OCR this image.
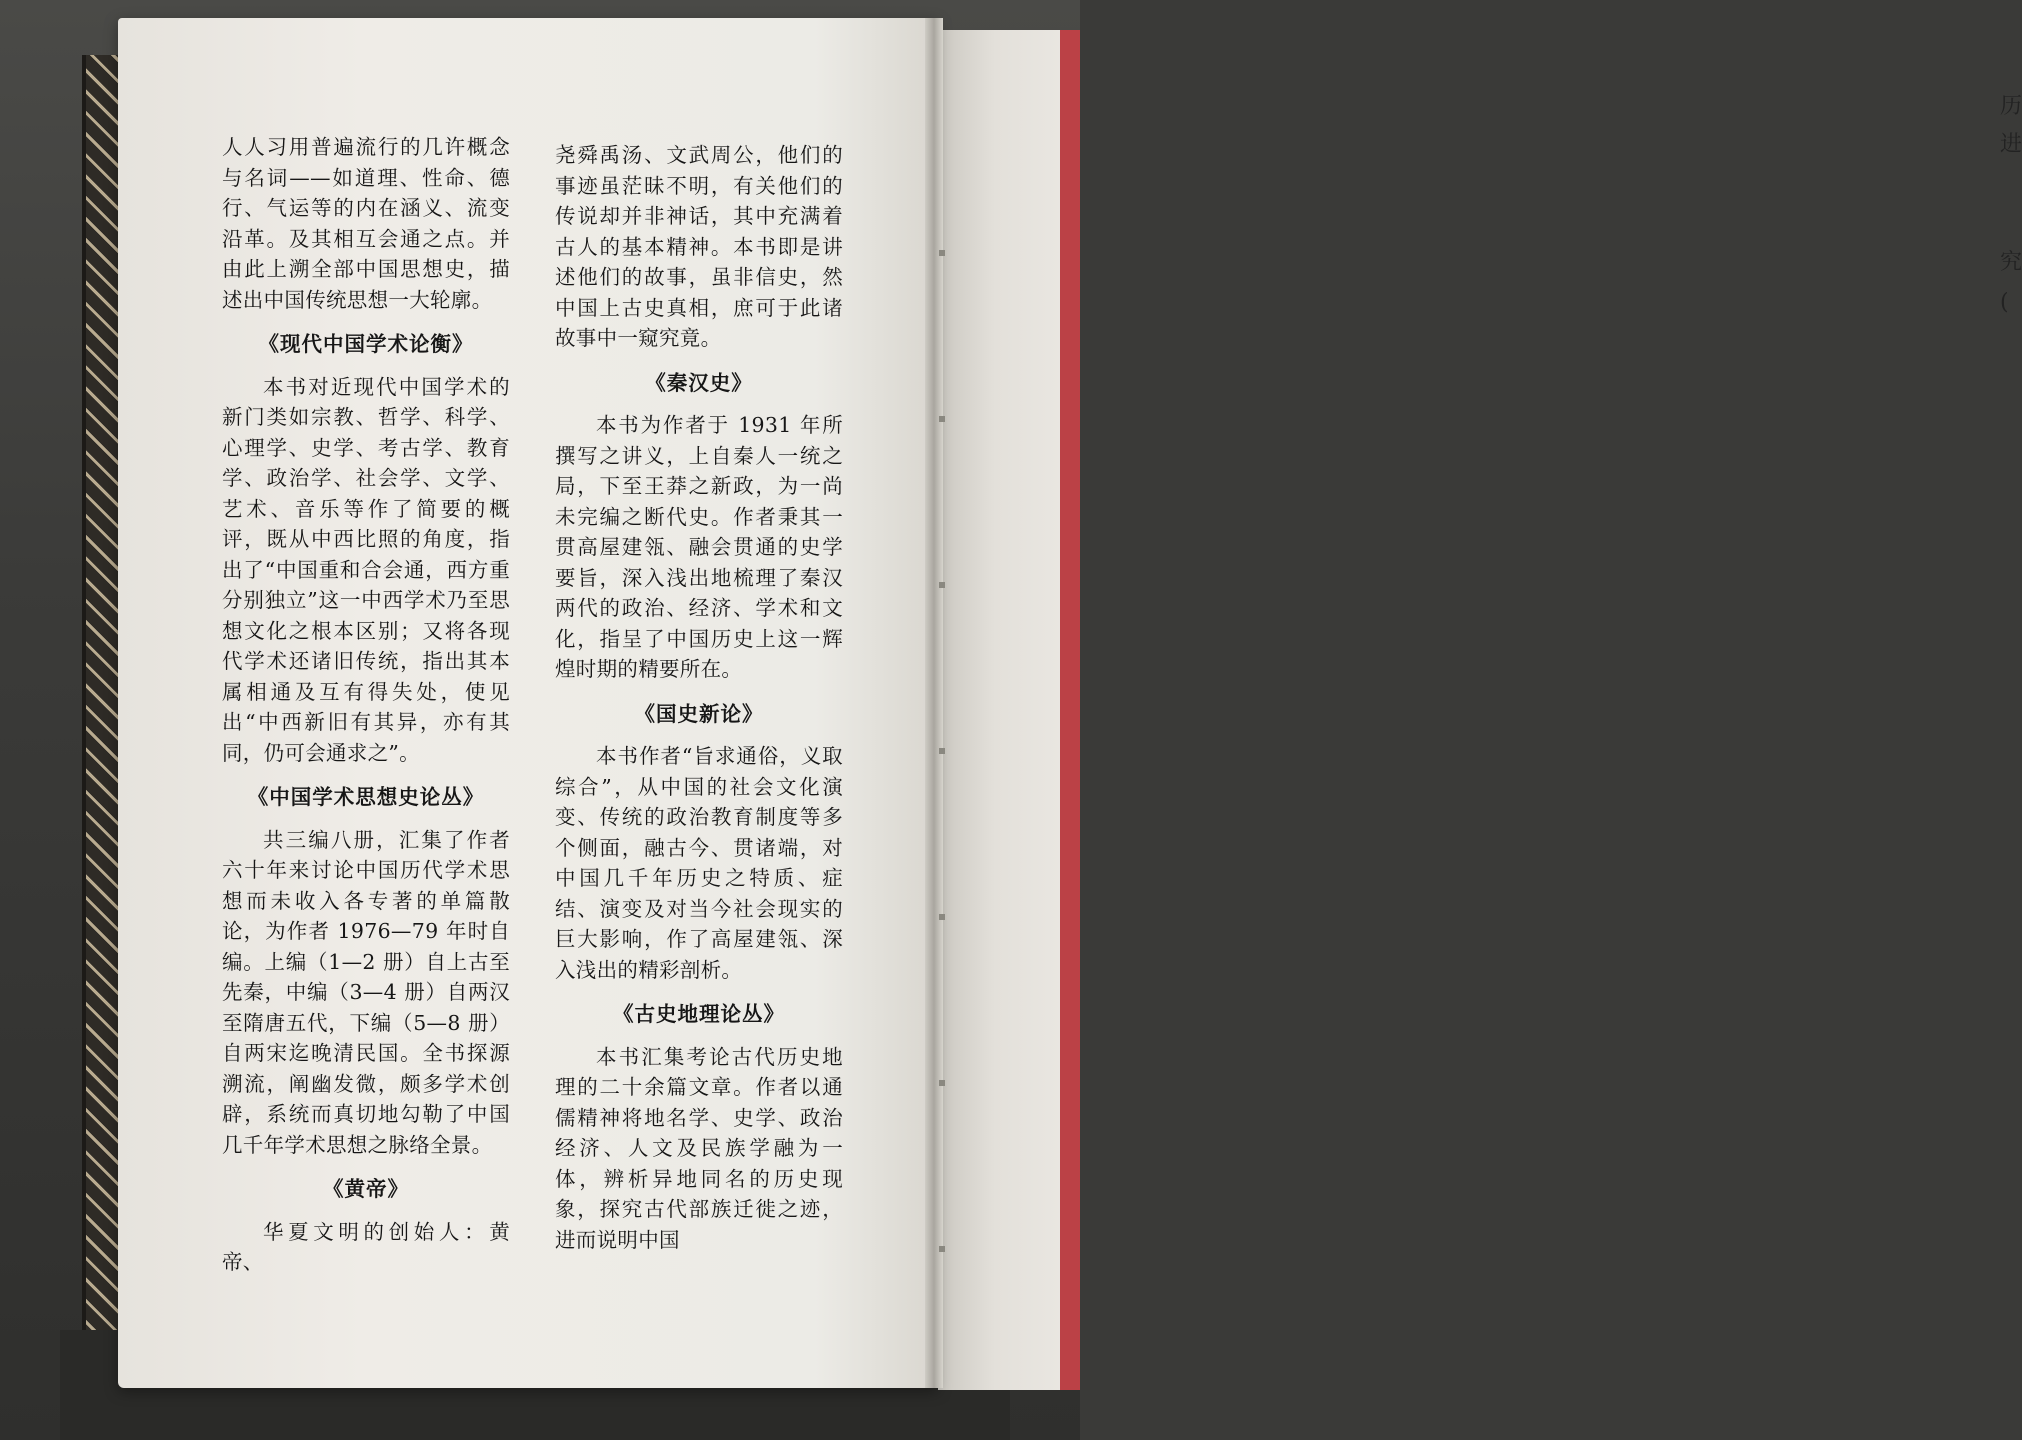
历
进
究
(

人人习用普遍流行的几许概念与名词——如道理、性命、德行、气运等的内在涵义、流变沿革。及其相互会通之点。并由此上溯全部中国思想史，描述出中国传统思想一大轮廓。

《现代中国学术论衡》

本书对近现代中国学术的新门类如宗教、哲学、科学、心理学、史学、考古学、教育学、政治学、社会学、文学、艺术、音乐等作了简要的概评，既从中西比照的角度，指出了“中国重和合会通，西方重分别独立”这一中西学术乃至思想文化之根本区别；又将各现代学术还诸旧传统，指出其本属相通及互有得失处，使见出“中西新旧有其异，亦有其同，仍可会通求之”。

《中国学术思想史论丛》

共三编八册，汇集了作者六十年来讨论中国历代学术思想而未收入各专著的单篇散论，为作者 1976—79 年时自编。上编（1—2 册）自上古至先秦，中编（3—4 册）自两汉至隋唐五代，下编（5—8 册）自两宋迄晚清民国。全书探源溯流，阐幽发微，颇多学术创辟，系统而真切地勾勒了中国几千年学术思想之脉络全景。

《黄帝》

华夏文明的创始人：黄帝、

尧舜禹汤、文武周公，他们的事迹虽茫昧不明，有关他们的传说却并非神话，其中充满着古人的基本精神。本书即是讲述他们的故事，虽非信史，然中国上古史真相，庶可于此诸故事中一窥究竟。

《秦汉史》

本书为作者于 1931 年所撰写之讲义，上自秦人一统之局，下至王莽之新政，为一尚未完编之断代史。作者秉其一贯高屋建瓴、融会贯通的史学要旨，深入浅出地梳理了秦汉两代的政治、经济、学术和文化，指呈了中国历史上这一辉煌时期的精要所在。

《国史新论》

本书作者“旨求通俗，义取综合”，从中国的社会文化演变、传统的政治教育制度等多个侧面，融古今、贯诸端，对中国几千年历史之特质、症结、演变及对当今社会现实的巨大影响，作了高屋建瓴、深入浅出的精彩剖析。

《古史地理论丛》

本书汇集考论古代历史地理的二十余篇文章。作者以通儒精神将地名学、史学、政治经济、人文及民族学融为一体，辨析异地同名的历史现象，探究古代部族迁徙之迹，进而说明中国
